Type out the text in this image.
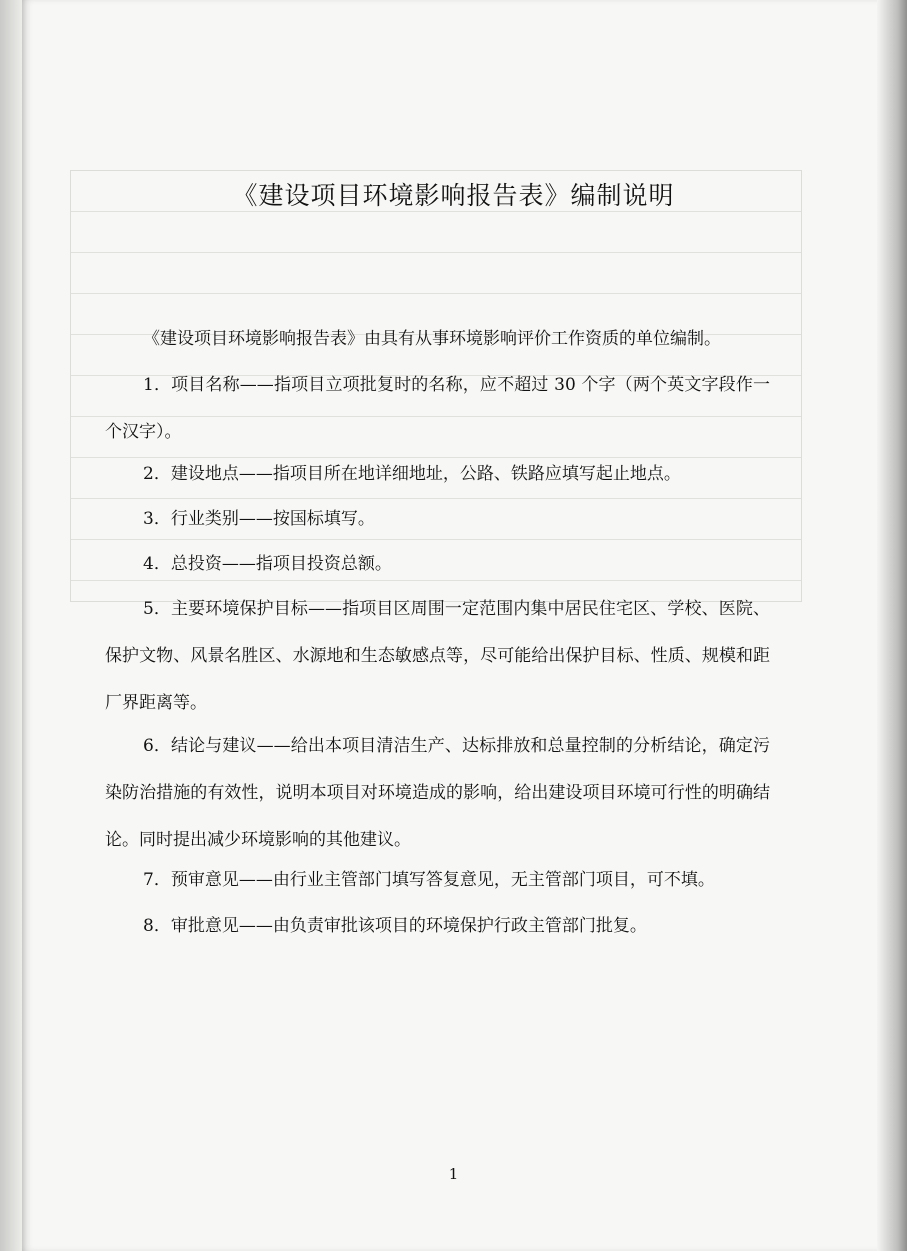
《建设项目环境影响报告表》编制说明
《建设项目环境影响报告表》由具有从事环境影响评价工作资质的单位编制。
1．项目名称——指项目立项批复时的名称，应不超过 30 个字（两个英文字段作一个汉字）。
2．建设地点——指项目所在地详细地址，公路、铁路应填写起止地点。
3．行业类别——按国标填写。
4．总投资——指项目投资总额。
5．主要环境保护目标——指项目区周围一定范围内集中居民住宅区、学校、医院、保护文物、风景名胜区、水源地和生态敏感点等，尽可能给出保护目标、性质、规模和距厂界距离等。
6．结论与建议——给出本项目清洁生产、达标排放和总量控制的分析结论，确定污染防治措施的有效性，说明本项目对环境造成的影响，给出建设项目环境可行性的明确结论。同时提出减少环境影响的其他建议。
7．预审意见——由行业主管部门填写答复意见，无主管部门项目，可不填。
8．审批意见——由负责审批该项目的环境保护行政主管部门批复。
1
